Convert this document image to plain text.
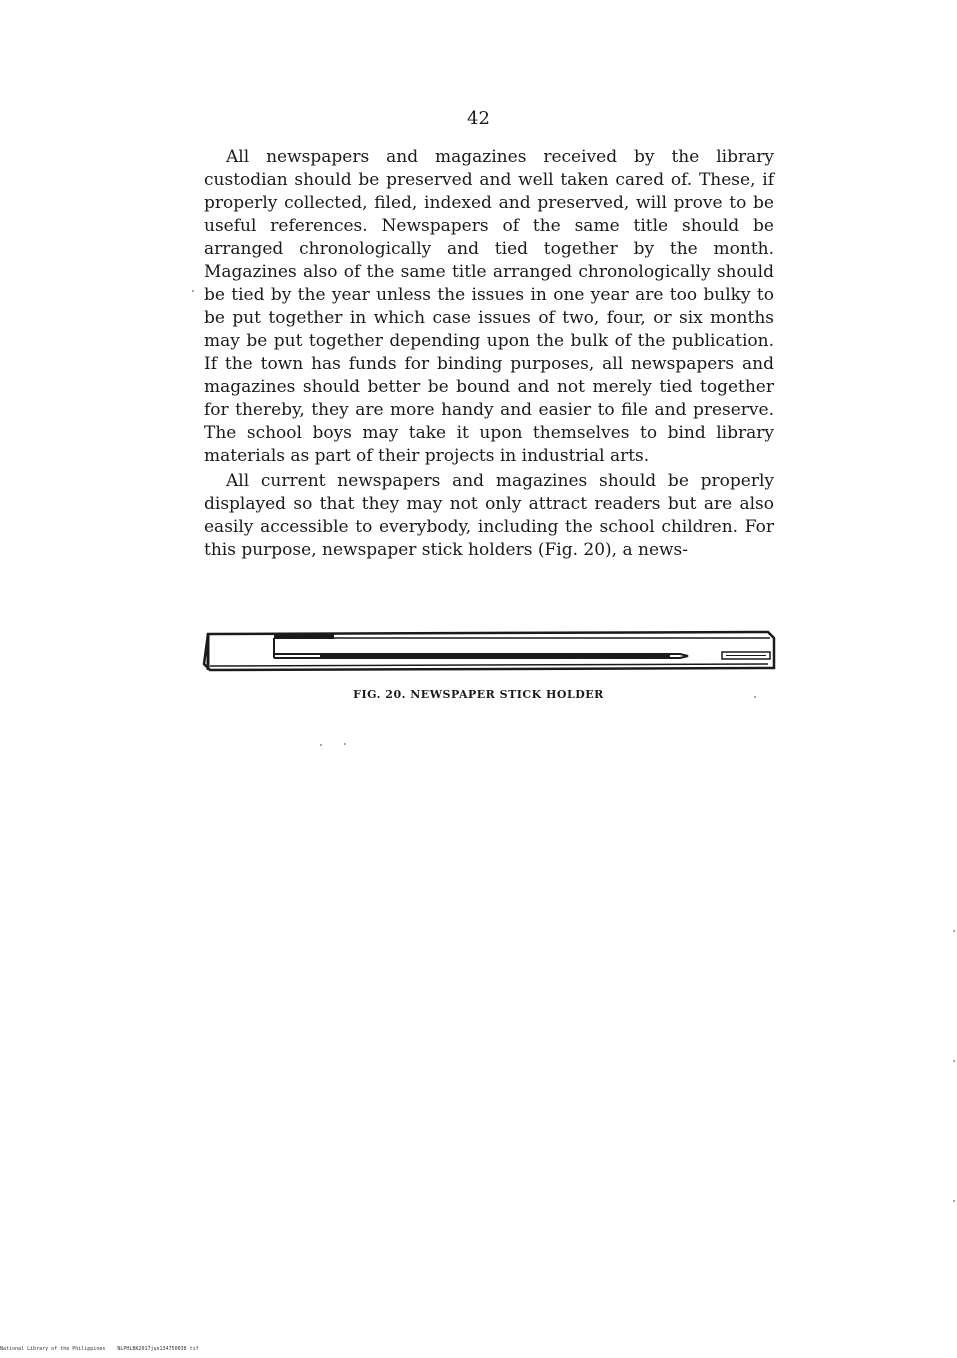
42

All newspapers and magazines received by the library custodian should be preserved and well taken cared of. These, if properly collected, filed, indexed and preserved, will prove to be useful references. Newspapers of the same title should be arranged chronologically and tied together by the month. Magazines also of the same title arranged chronologically should be tied by the year unless the issues in one year are too bulky to be put together in which case issues of two, four, or six months may be put together depending upon the bulk of the publication. If the town has funds for binding purposes, all newspapers and magazines should better be bound and not merely tied together for thereby, they are more handy and easier to file and preserve. The school boys may take it upon themselves to bind library materials as part of their projects in industrial arts.

All current newspapers and magazines should be properly displayed so that they may not only attract readers but are also easily accessible to everybody, including the school children. For this purpose, newspaper stick holders (Fig. 20), a news-

FIG. 20. NEWSPAPER STICK HOLDER
National Library of the Philippines    NLPHLBK2017jun134750038 tif
